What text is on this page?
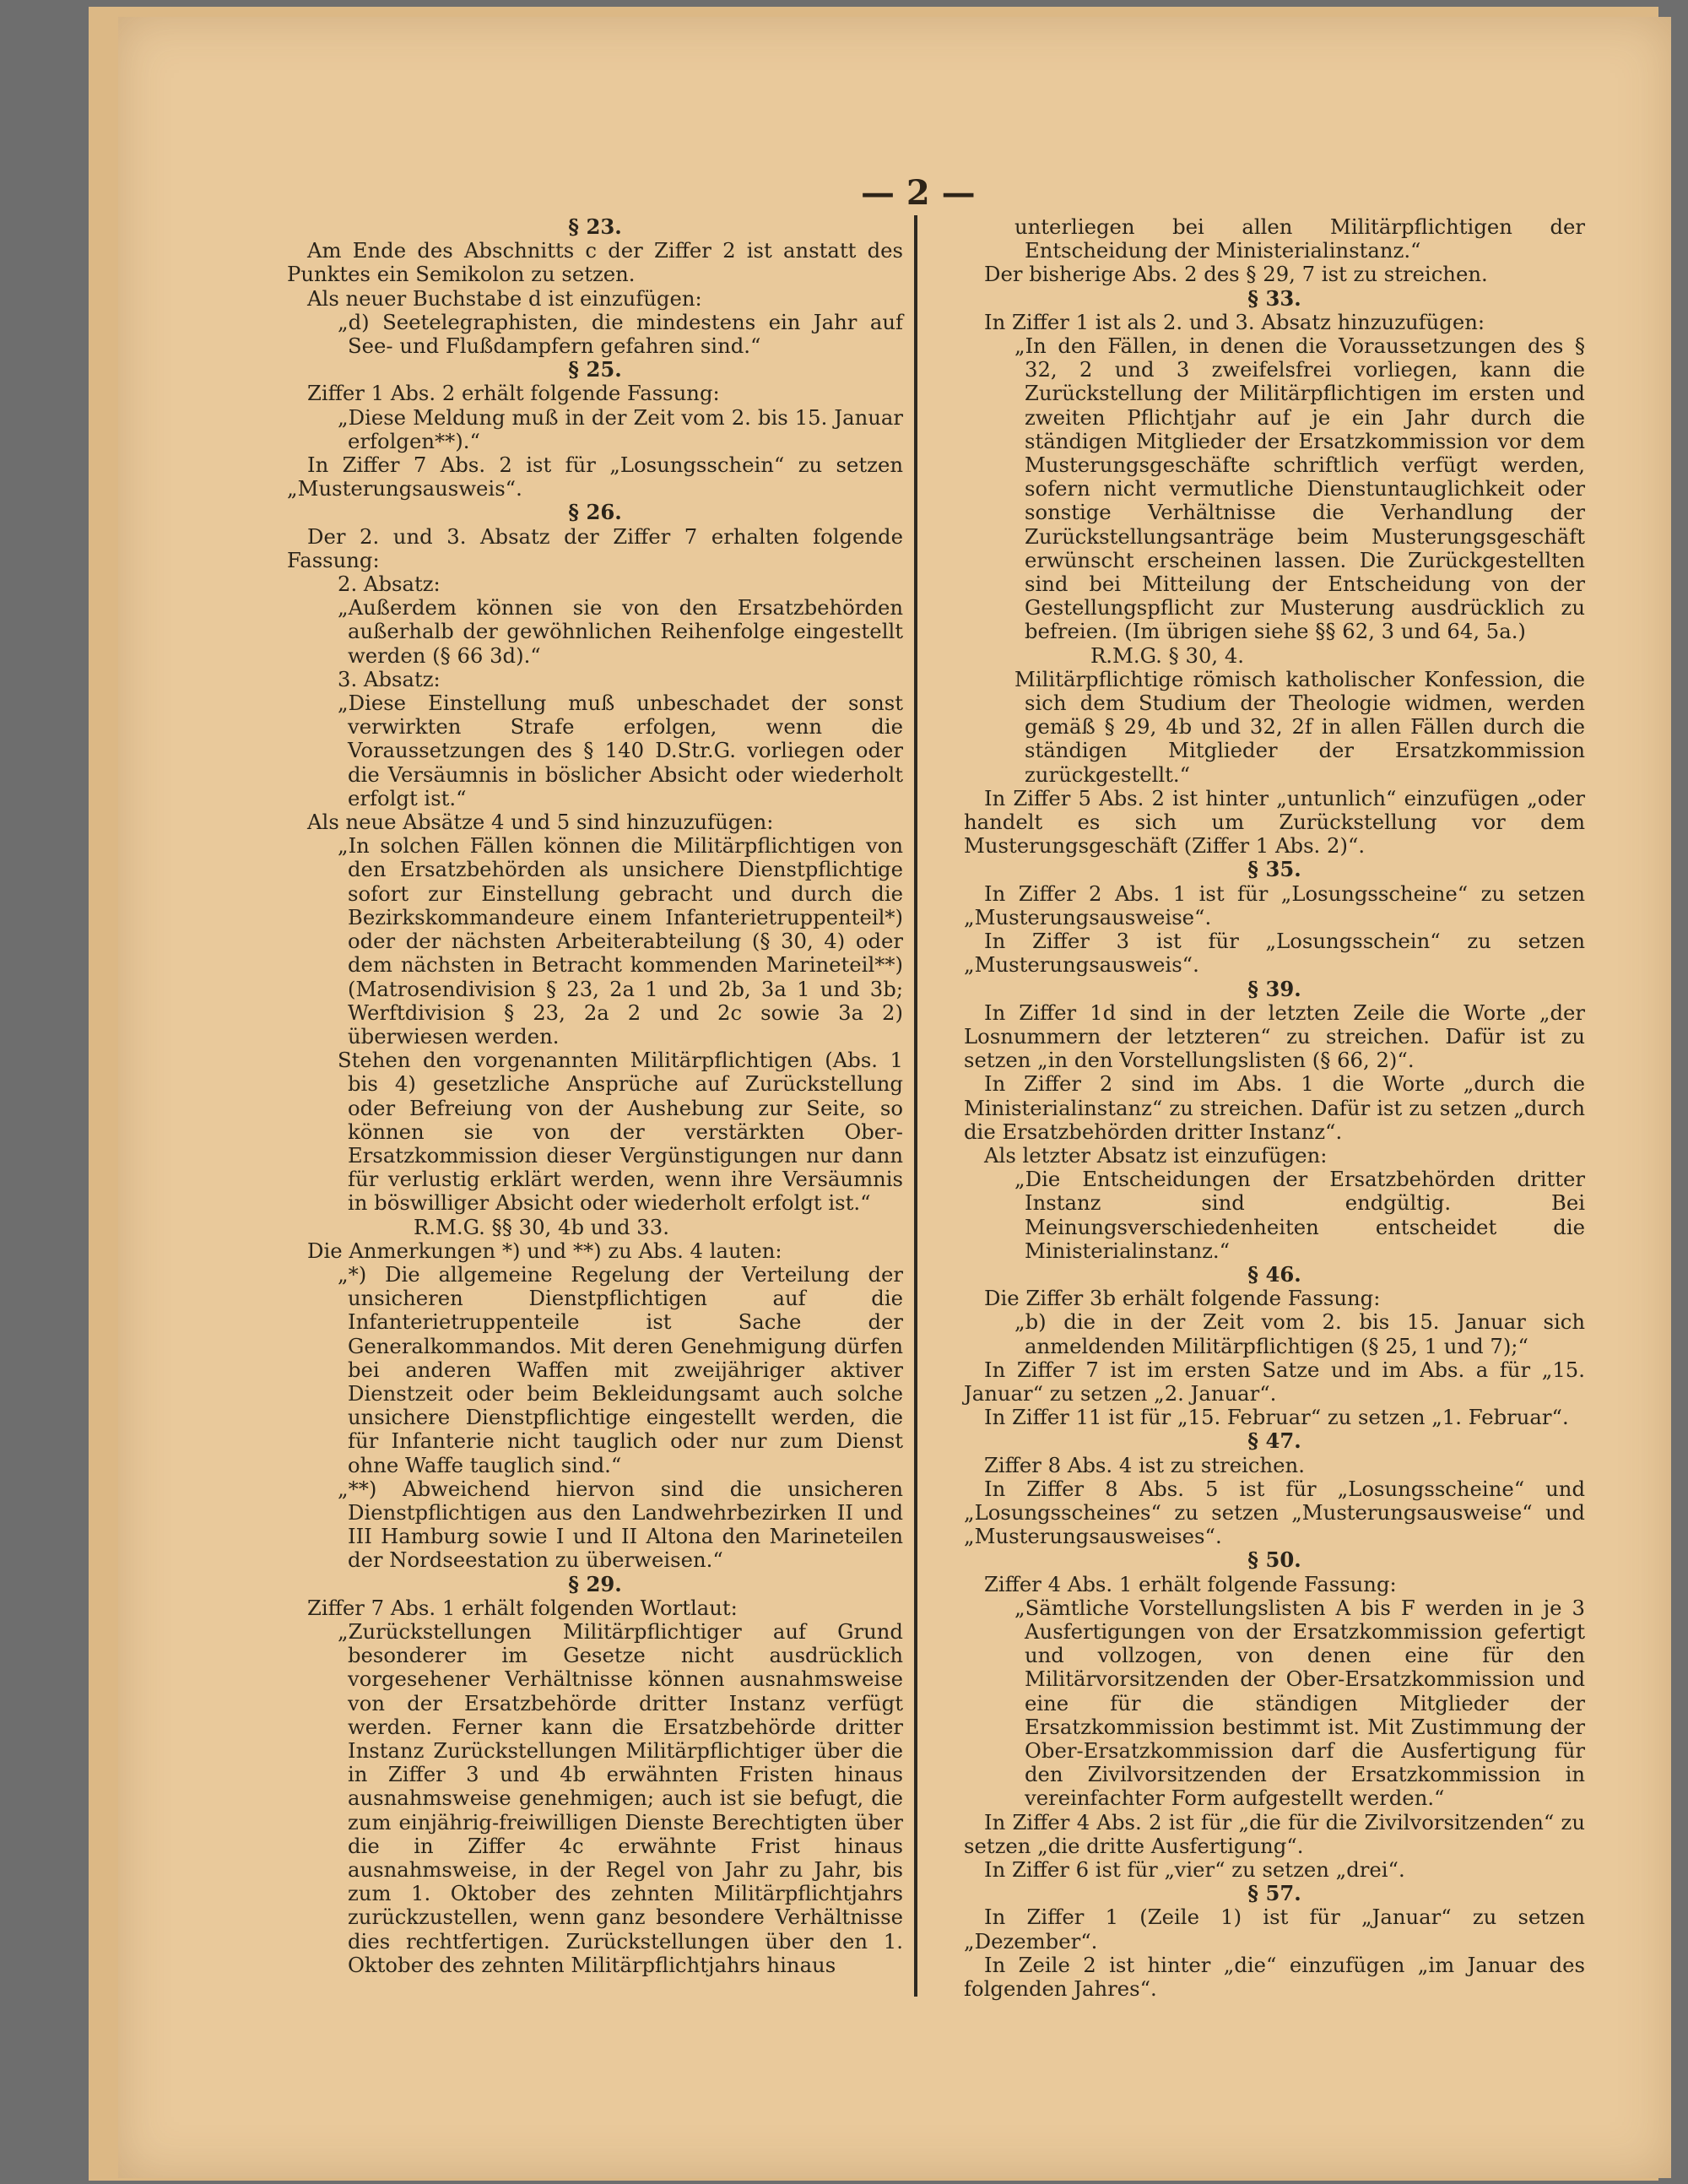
— 2 —

§ 23.

Am Ende des Abschnitts c der Ziffer 2 ist anstatt des Punktes ein Semikolon zu setzen.

Als neuer Buchstabe d ist einzufügen:

„d) Seetelegraphisten, die mindestens ein Jahr auf See- und Flußdampfern gefahren sind.“

§ 25.

Ziffer 1 Abs. 2 erhält folgende Fassung:

„Diese Meldung muß in der Zeit vom 2. bis 15. Januar erfolgen**).“

In Ziffer 7 Abs. 2 ist für „Losungsschein“ zu setzen „Musterungsausweis“.

§ 26.

Der 2. und 3. Absatz der Ziffer 7 erhalten folgende Fassung:

2. Absatz:

„Außerdem können sie von den Ersatzbehörden außerhalb der gewöhnlichen Reihenfolge eingestellt werden (§ 66 3d).“

3. Absatz:

„Diese Einstellung muß unbeschadet der sonst verwirkten Strafe erfolgen, wenn die Voraussetzungen des § 140 D.Str.G. vorliegen oder die Versäumnis in böslicher Absicht oder wiederholt erfolgt ist.“

Als neue Absätze 4 und 5 sind hinzuzufügen:

„In solchen Fällen können die Militärpflichtigen von den Ersatzbehörden als unsichere Dienstpflichtige sofort zur Einstellung gebracht und durch die Bezirkskommandeure einem Infanterietruppenteil*) oder der nächsten Arbeiterabteilung (§ 30, 4) oder dem nächsten in Betracht kommenden Marineteil**) (Matrosendivision § 23, 2a 1 und 2b, 3a 1 und 3b; Werftdivision § 23, 2a 2 und 2c sowie 3a 2) überwiesen werden.

Stehen den vorgenannten Militärpflichtigen (Abs. 1 bis 4) gesetzliche Ansprüche auf Zurückstellung oder Befreiung von der Aushebung zur Seite, so können sie von der verstärkten Ober-Ersatzkommission dieser Vergünstigungen nur dann für verlustig erklärt werden, wenn ihre Versäumnis in böswilliger Absicht oder wiederholt erfolgt ist.“

R.M.G. §§ 30, 4b und 33.

Die Anmerkungen *) und **) zu Abs. 4 lauten:

„*) Die allgemeine Regelung der Verteilung der unsicheren Dienstpflichtigen auf die Infanterietruppenteile ist Sache der Generalkommandos. Mit deren Genehmigung dürfen bei anderen Waffen mit zweijähriger aktiver Dienstzeit oder beim Bekleidungsamt auch solche unsichere Dienstpflichtige eingestellt werden, die für Infanterie nicht tauglich oder nur zum Dienst ohne Waffe tauglich sind.“

„**) Abweichend hiervon sind die unsicheren Dienstpflichtigen aus den Landwehrbezirken II und III Hamburg sowie I und II Altona den Marineteilen der Nordseestation zu überweisen.“

§ 29.

Ziffer 7 Abs. 1 erhält folgenden Wortlaut:

„Zurückstellungen Militärpflichtiger auf Grund besonderer im Gesetze nicht ausdrücklich vorgesehener Verhältnisse können ausnahmsweise von der Ersatzbehörde dritter Instanz verfügt werden. Ferner kann die Ersatzbehörde dritter Instanz Zurückstellungen Militärpflichtiger über die in Ziffer 3 und 4b erwähnten Fristen hinaus ausnahmsweise genehmigen; auch ist sie befugt, die zum einjährig-freiwilligen Dienste Berechtigten über die in Ziffer 4c erwähnte Frist hinaus ausnahmsweise, in der Regel von Jahr zu Jahr, bis zum 1. Oktober des zehnten Militärpflichtjahrs zurückzustellen, wenn ganz besondere Verhältnisse dies rechtfertigen. Zurückstellungen über den 1. Oktober des zehnten Militärpflichtjahrs hinaus

unterliegen bei allen Militärpflichtigen der Entscheidung der Ministerialinstanz.“

Der bisherige Abs. 2 des § 29, 7 ist zu streichen.

§ 33.

In Ziffer 1 ist als 2. und 3. Absatz hinzuzufügen:

„In den Fällen, in denen die Voraussetzungen des § 32, 2 und 3 zweifelsfrei vorliegen, kann die Zurückstellung der Militärpflichtigen im ersten und zweiten Pflichtjahr auf je ein Jahr durch die ständigen Mitglieder der Ersatzkommission vor dem Musterungsgeschäfte schriftlich verfügt werden, sofern nicht vermutliche Dienstuntauglichkeit oder sonstige Verhältnisse die Verhandlung der Zurückstellungsanträge beim Musterungsgeschäft erwünscht erscheinen lassen. Die Zurückgestellten sind bei Mitteilung der Entscheidung von der Gestellungspflicht zur Musterung ausdrücklich zu befreien. (Im übrigen siehe §§ 62, 3 und 64, 5a.)

R.M.G. § 30, 4.

Militärpflichtige römisch katholischer Konfession, die sich dem Studium der Theologie widmen, werden gemäß § 29, 4b und 32, 2f in allen Fällen durch die ständigen Mitglieder der Ersatzkommission zurückgestellt.“

In Ziffer 5 Abs. 2 ist hinter „untunlich“ einzufügen „oder handelt es sich um Zurückstellung vor dem Musterungsgeschäft (Ziffer 1 Abs. 2)“.

§ 35.

In Ziffer 2 Abs. 1 ist für „Losungsscheine“ zu setzen „Musterungsausweise“.

In Ziffer 3 ist für „Losungsschein“ zu setzen „Musterungsausweis“.

§ 39.

In Ziffer 1d sind in der letzten Zeile die Worte „der Losnummern der letzteren“ zu streichen. Dafür ist zu setzen „in den Vorstellungslisten (§ 66, 2)“.

In Ziffer 2 sind im Abs. 1 die Worte „durch die Ministerialinstanz“ zu streichen. Dafür ist zu setzen „durch die Ersatzbehörden dritter Instanz“.

Als letzter Absatz ist einzufügen:

„Die Entscheidungen der Ersatzbehörden dritter Instanz sind endgültig. Bei Meinungsverschiedenheiten entscheidet die Ministerialinstanz.“

§ 46.

Die Ziffer 3b erhält folgende Fassung:

„b) die in der Zeit vom 2. bis 15. Januar sich anmeldenden Militärpflichtigen (§ 25, 1 und 7);“

In Ziffer 7 ist im ersten Satze und im Abs. a für „15. Januar“ zu setzen „2. Januar“.

In Ziffer 11 ist für „15. Februar“ zu setzen „1. Februar“.

§ 47.

Ziffer 8 Abs. 4 ist zu streichen.

In Ziffer 8 Abs. 5 ist für „Losungsscheine“ und „Losungsscheines“ zu setzen „Musterungsausweise“ und „Musterungsausweises“.

§ 50.

Ziffer 4 Abs. 1 erhält folgende Fassung:

„Sämtliche Vorstellungslisten A bis F werden in je 3 Ausfertigungen von der Ersatzkommission gefertigt und vollzogen, von denen eine für den Militärvorsitzenden der Ober-Ersatzkommission und eine für die ständigen Mitglieder der Ersatzkommission bestimmt ist. Mit Zustimmung der Ober-Ersatzkommission darf die Ausfertigung für den Zivilvorsitzenden der Ersatzkommission in vereinfachter Form aufgestellt werden.“

In Ziffer 4 Abs. 2 ist für „die für die Zivilvorsitzenden“ zu setzen „die dritte Ausfertigung“.

In Ziffer 6 ist für „vier“ zu setzen „drei“.

§ 57.

In Ziffer 1 (Zeile 1) ist für „Januar“ zu setzen „Dezember“.

In Zeile 2 ist hinter „die“ einzufügen „im Januar des folgenden Jahres“.
